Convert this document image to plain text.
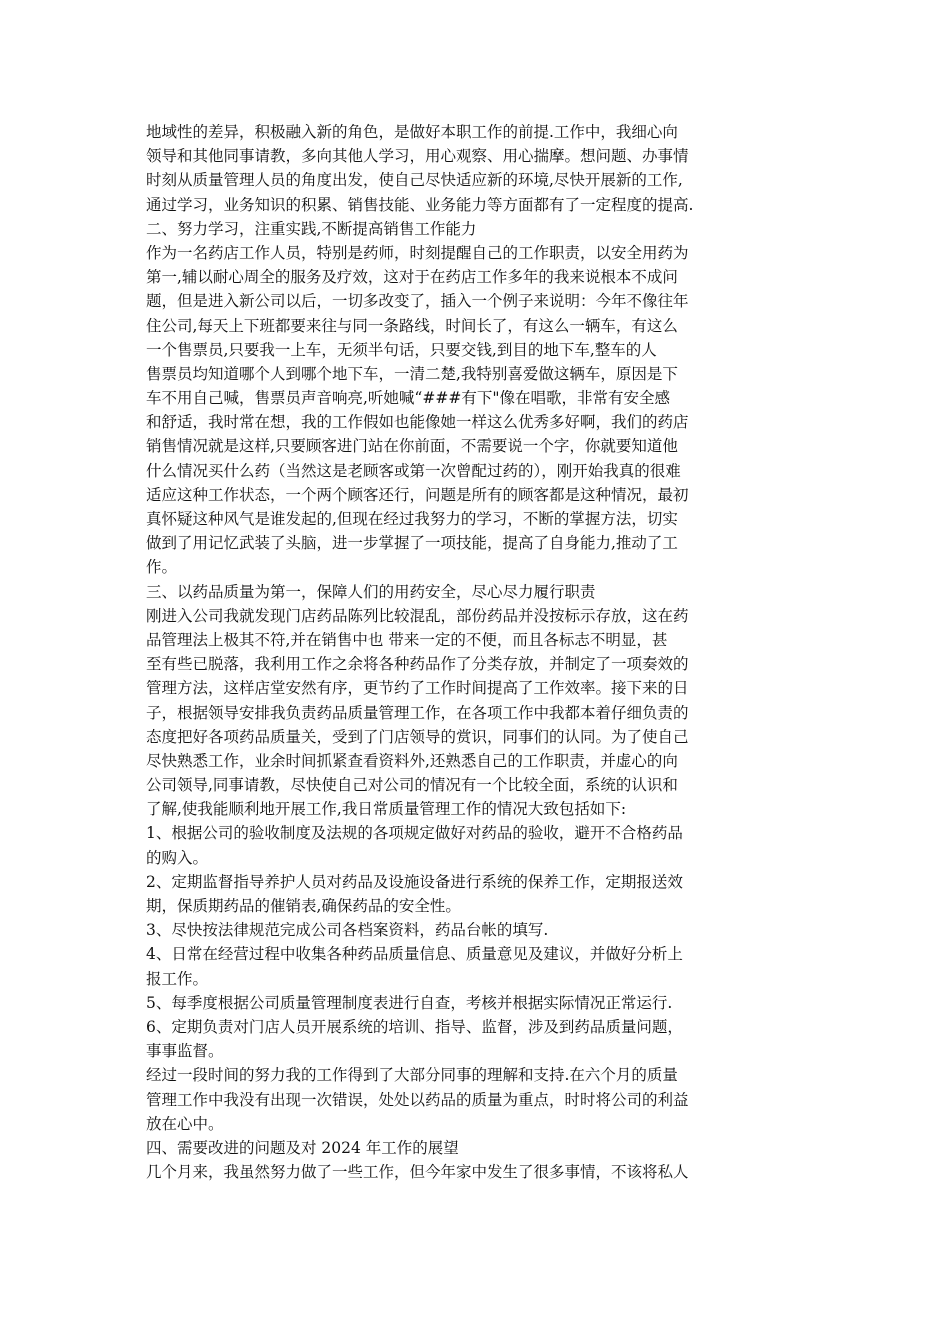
地域性的差异，积极融入新的角色，是做好本职工作的前提.工作中，我细心向
领导和其他同事请教，多向其他人学习，用心观察、用心揣摩。想问题、办事情
时刻从质量管理人员的角度出发，使自己尽快适应新的环境,尽快开展新的工作,
通过学习，业务知识的积累、销售技能、业务能力等方面都有了一定程度的提高.
二、努力学习，注重实践,不断提高销售工作能力
作为一名药店工作人员，特别是药师，时刻提醒自己的工作职责，以安全用药为
第一,辅以耐心周全的服务及疗效，这对于在药店工作多年的我来说根本不成问
题，但是进入新公司以后，一切多改变了，插入一个例子来说明：今年不像往年
住公司,每天上下班都要来往与同一条路线，时间长了，有这么一辆车，有这么
一个售票员,只要我一上车，无须半句话，只要交钱,到目的地下车,整车的人
售票员均知道哪个人到哪个地下车，一清二楚,我特别喜爱做这辆车，原因是下
车不用自己喊，售票员声音响亮,听她喊“###有下"像在唱歌，非常有安全感
和舒适，我时常在想，我的工作假如也能像她一样这么优秀多好啊，我们的药店
销售情况就是这样,只要顾客进门站在你前面，不需要说一个字，你就要知道他
什么情况买什么药（当然这是老顾客或第一次曾配过药的），刚开始我真的很难
适应这种工作状态，一个两个顾客还行，问题是所有的顾客都是这种情况，最初
真怀疑这种风气是谁发起的,但现在经过我努力的学习，不断的掌握方法，切实
做到了用记忆武装了头脑，进一步掌握了一项技能，提高了自身能力,推动了工
作。
三、以药品质量为第一，保障人们的用药安全，尽心尽力履行职责
刚进入公司我就发现门店药品陈列比较混乱，部份药品并没按标示存放，这在药
品管理法上极其不符,并在销售中也 带来一定的不便，而且各标志不明显，甚
至有些已脱落，我利用工作之余将各种药品作了分类存放，并制定了一项奏效的
管理方法，这样店堂安然有序，更节约了工作时间提高了工作效率。接下来的日
子，根据领导安排我负责药品质量管理工作，在各项工作中我都本着仔细负责的
态度把好各项药品质量关，受到了门店领导的赏识，同事们的认同。为了使自己
尽快熟悉工作，业余时间抓紧查看资料外,还熟悉自己的工作职责，并虚心的向
公司领导,同事请教，尽快使自己对公司的情况有一个比较全面，系统的认识和
了解,使我能顺利地开展工作,我日常质量管理工作的情况大致包括如下:
1、根据公司的验收制度及法规的各项规定做好对药品的验收，避开不合格药品
的购入。
2、定期监督指导养护人员对药品及设施设备进行系统的保养工作，定期报送效
期，保质期药品的催销表,确保药品的安全性。
3、尽快按法律规范完成公司各档案资料，药品台帐的填写.
4、日常在经营过程中收集各种药品质量信息、质量意见及建议，并做好分析上
报工作。
5、每季度根据公司质量管理制度表进行自查，考核并根据实际情况正常运行.
6、定期负责对门店人员开展系统的培训、指导、监督，涉及到药品质量问题，
事事监督。
经过一段时间的努力我的工作得到了大部分同事的理解和支持.在六个月的质量
管理工作中我没有出现一次错误，处处以药品的质量为重点，时时将公司的利益
放在心中。
四、需要改进的问题及对 2024 年工作的展望
几个月来，我虽然努力做了一些工作，但今年家中发生了很多事情，不该将私人
